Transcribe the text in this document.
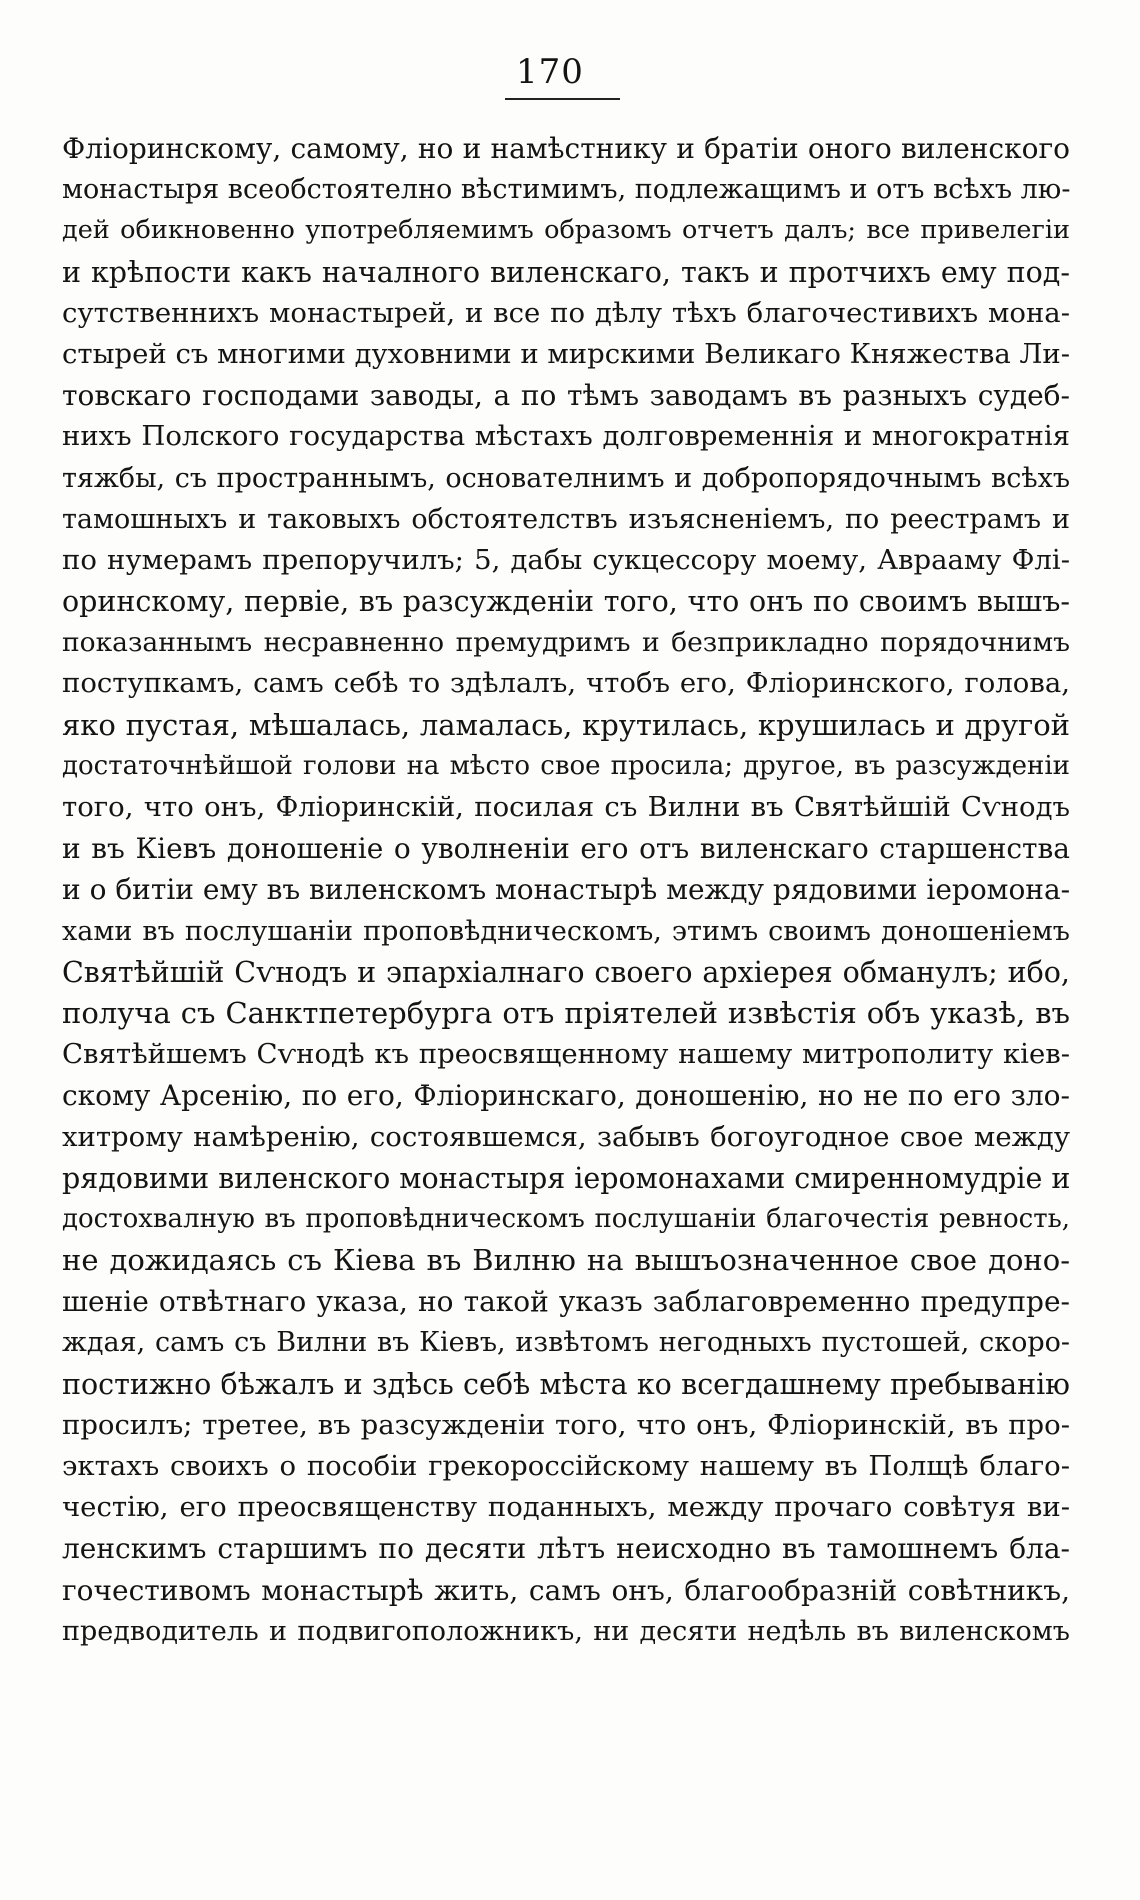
170
Фліоринскому, самому, но и намѣстнику и братіи оного виленского
монастыря всеобстоятелно вѣстимимъ, подлежащимъ и отъ всѣхъ лю-
дей обикновенно употребляемимъ образомъ отчетъ далъ; все привелегіи
и крѣпости какъ началного виленскаго, такъ и протчихъ ему под-
сутственнихъ монастырей, и все по дѣлу тѣхъ благочестивихъ мона-
стырей съ многими духовними и мирскими Великаго Княжества Ли-
товскаго господами заводы, а по тѣмъ заводамъ въ разныхъ судеб-
нихъ Полского государства мѣстахъ долговременнія и многократнія
тяжбы, съ пространнымъ, основателнимъ и добропорядочнымъ всѣхъ
тамошныхъ и таковыхъ обстоятелствъ изъясненіемъ, по реестрамъ и
по нумерамъ препоручилъ; 5, дабы сукцессору моему, Аврааму Флі-
оринскому, первіе, въ разсужденіи того, что онъ по своимъ вышъ-
показаннымъ несравненно премудримъ и безприкладно порядочнимъ
поступкамъ, самъ себѣ то здѣлалъ, чтобъ его, Фліоринского, голова,
яко пустая, мѣшалась, ламалась, крутилась, крушилась и другой
достаточнѣйшой голови на мѣсто свое просила; другое, въ разсужденіи
того, что онъ, Фліоринскій, посилая съ Вилни въ Святѣйшій Сѵнодъ
и въ Кіевъ доношеніе о уволненіи его отъ виленскаго старшенства
и о битіи ему въ виленскомъ монастырѣ между рядовими іеромона-
хами въ послушаніи проповѣдническомъ, этимъ своимъ доношеніемъ
Святѣйшій Сѵнодъ и эпархіалнаго своего архіерея обманулъ; ибо,
получа съ Санктпетербурга отъ пріятелей извѣстія объ указѣ, въ
Святѣйшемъ Сѵнодѣ къ преосвященному нашему митрополиту кіев-
скому Арсенію, по его, Фліоринскаго, доношенію, но не по его зло-
хитрому намѣренію, состоявшемся, забывъ богоугодное свое между
рядовими виленского монастыря іеромонахами смиренномудріе и
достохвалную въ проповѣдническомъ послушаніи благочестія ревность,
не дожидаясь съ Кіева въ Вилню на вышъозначенное свое доно-
шеніе отвѣтнаго указа, но такой указъ заблаговременно предупре-
ждая, самъ съ Вилни въ Кіевъ, извѣтомъ негодныхъ пустошей, скоро-
постижно бѣжалъ и здѣсь себѣ мѣста ко всегдашнему пребыванію
просилъ; третее, въ разсужденіи того, что онъ, Фліоринскій, въ про-
эктахъ своихъ о пособіи грекороссійскому нашему въ Полщѣ благо-
честію, его преосвященству поданныхъ, между прочаго совѣтуя ви-
ленскимъ старшимъ по десяти лѣтъ неисходно въ тамошнемъ бла-
гочестивомъ монастырѣ жить, самъ онъ, благообразній совѣтникъ,
предводитель и подвигоположникъ, ни десяти недѣль въ виленскомъ
